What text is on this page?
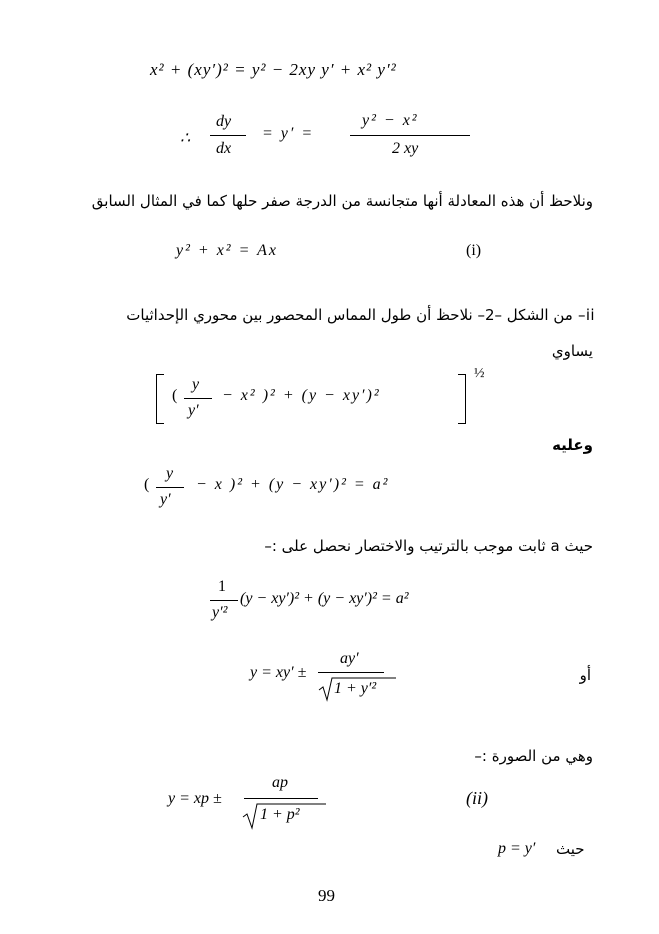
x² + (xy′)² = y² − 2xy y′ + x² y′²
∴
dy
dx
= y′ =
y² − x²
2 xy
ونلاحظ أن هذه المعادلة أنها متجانسة من الدرجة صفر حلها كما في المثال السابق
y² + x² = Ax	(i)
ii– من الشكل –2– نلاحظ أن طول المماس المحصور بين محوري الإحداثيات
يساوي
(
y
y′
− x² )² + (y − xy′)²
½
وعليه
(
y
y′
− x )² + (y − xy′)² = a²
حيث a ثابت موجب بالترتيب والاختصار نحصل على :–
1
y′²
(y − xy′)² + (y − xy′)² = a²
y = xy′ ±
ay′
1 + y′²
أو
وهي من الصورة :–
y = xp ±
ap
1 + p²
(ii)
p = y′ حيث
99
